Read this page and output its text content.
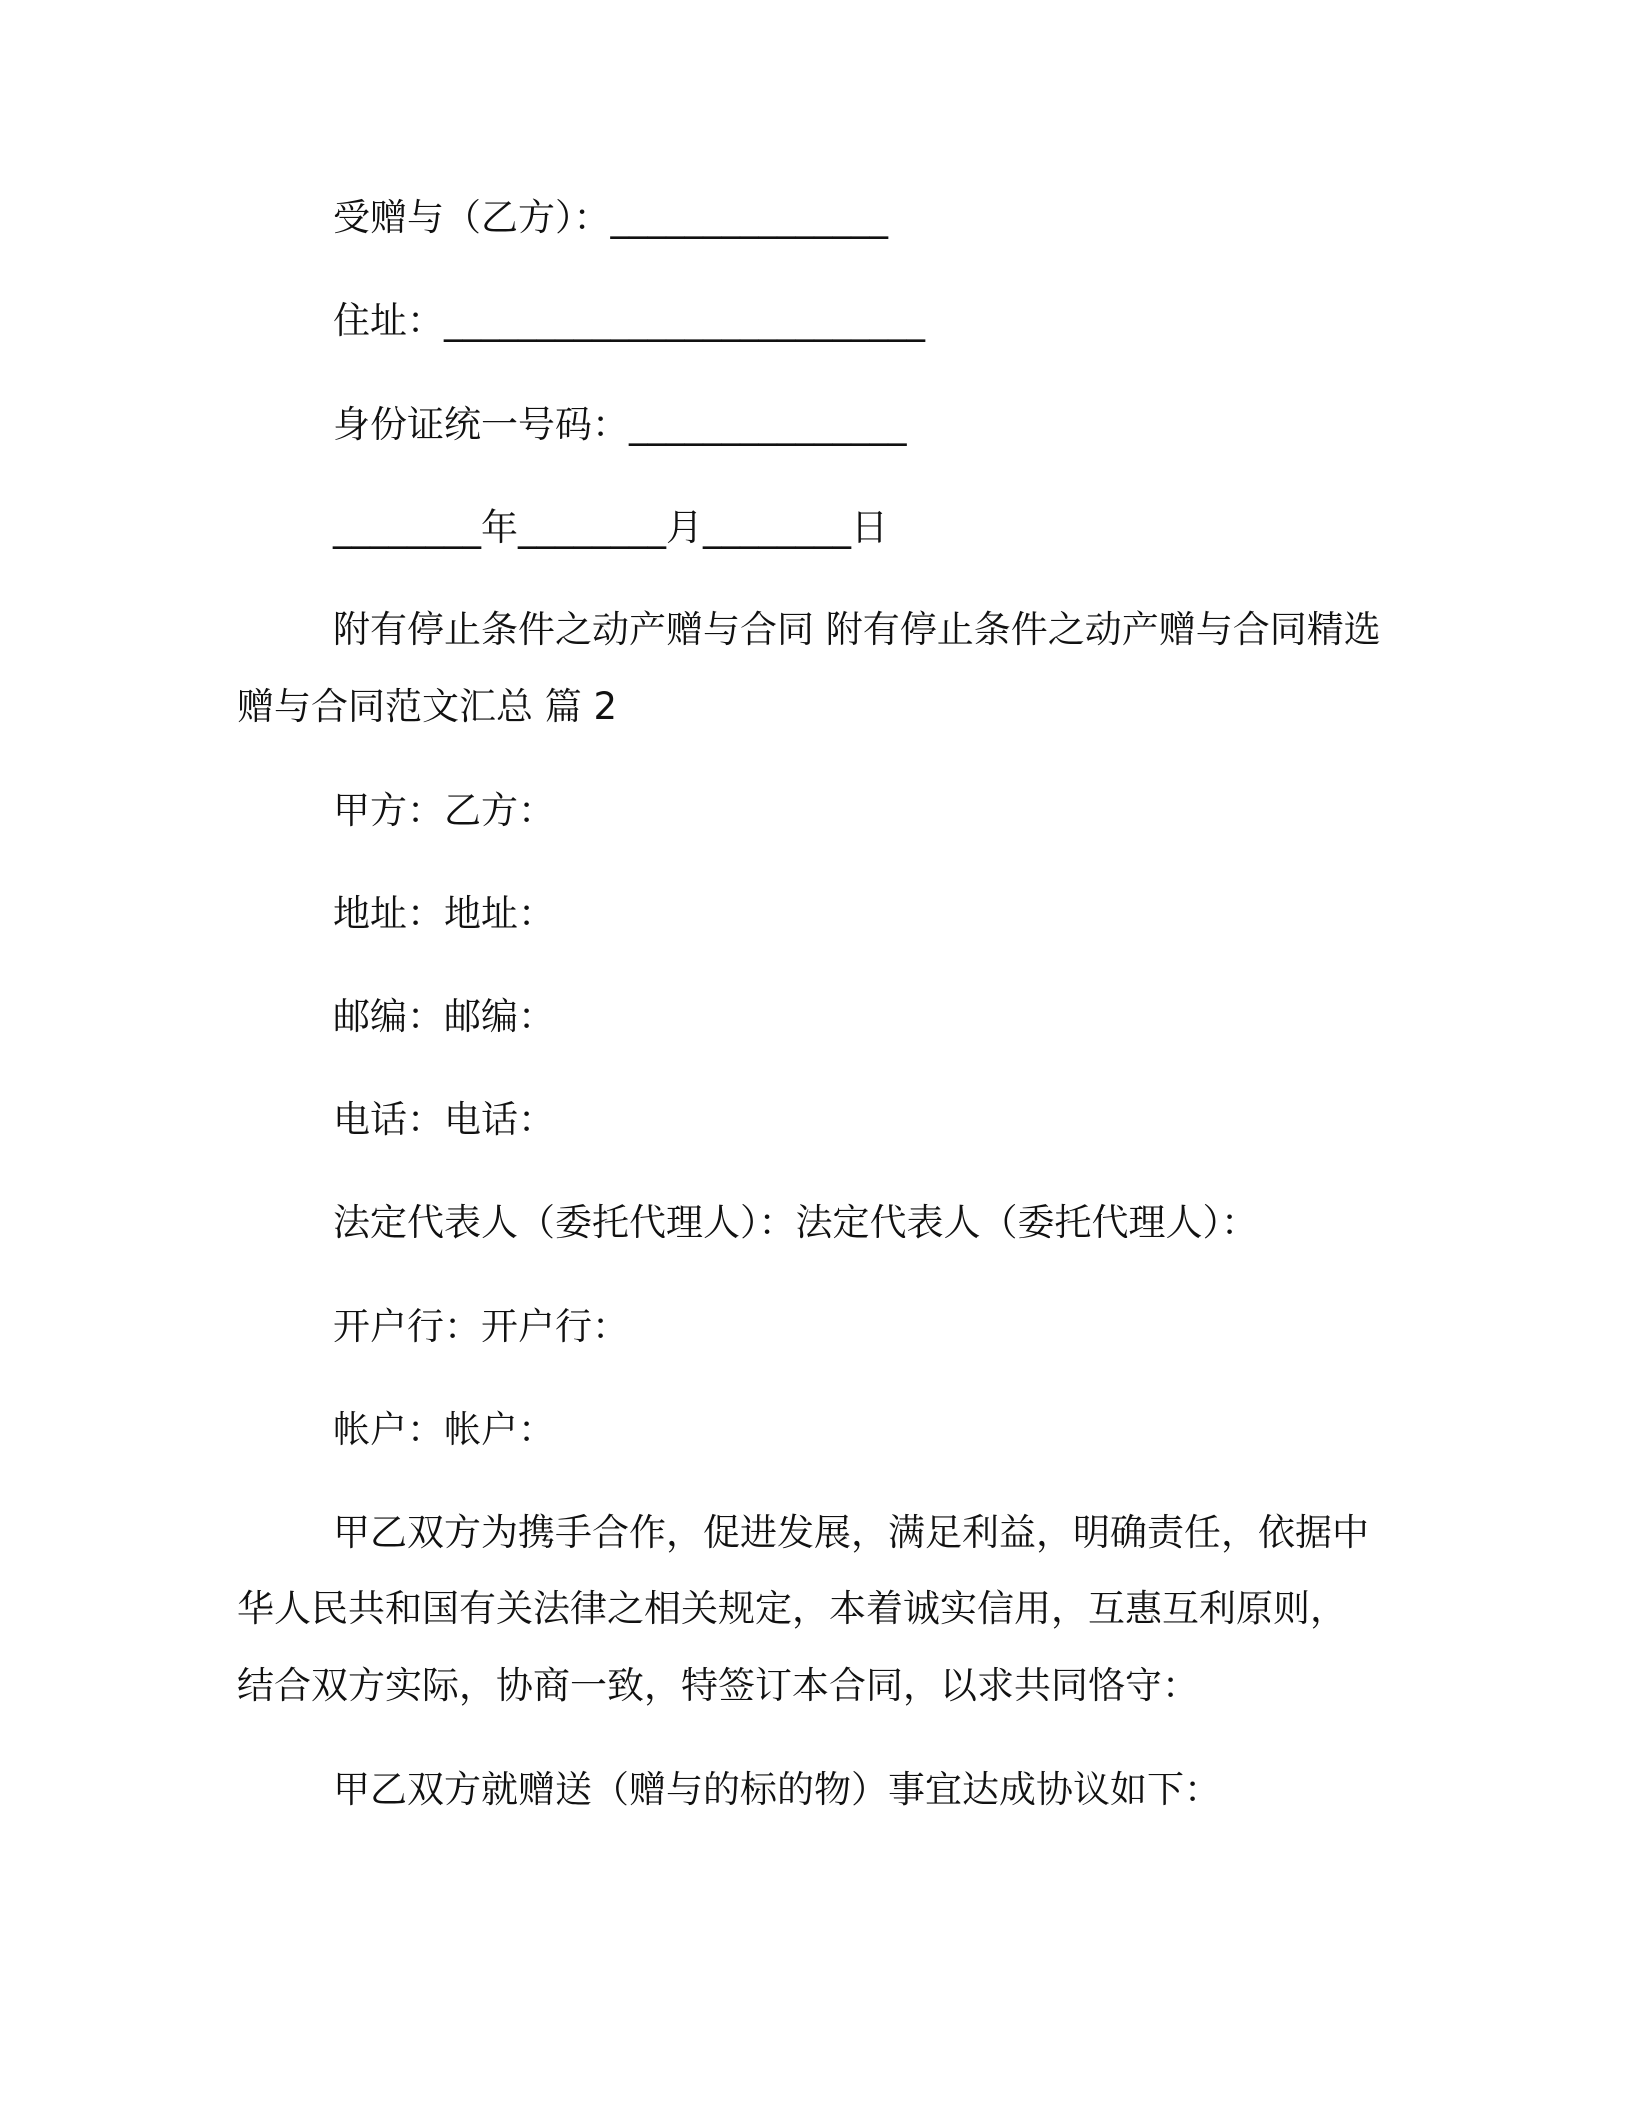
受赠与（乙方）：_______________
住址：__________________________
身份证统一号码：_______________
________年________月________日
附有停止条件之动产赠与合同 附有停止条件之动产赠与合同精选
赠与合同范文汇总 篇 2
甲方：乙方：
地址：地址：
邮编：邮编：
电话：电话：
法定代表人（委托代理人）：法定代表人（委托代理人）：
开户行：开户行：
帐户：帐户：
甲乙双方为携手合作，促进发展，满足利益，明确责任，依据中
华人民共和国有关法律之相关规定，本着诚实信用，互惠互利原则，
结合双方实际，协商一致，特签订本合同，以求共同恪守：
甲乙双方就赠送（赠与的标的物）事宜达成协议如下：
